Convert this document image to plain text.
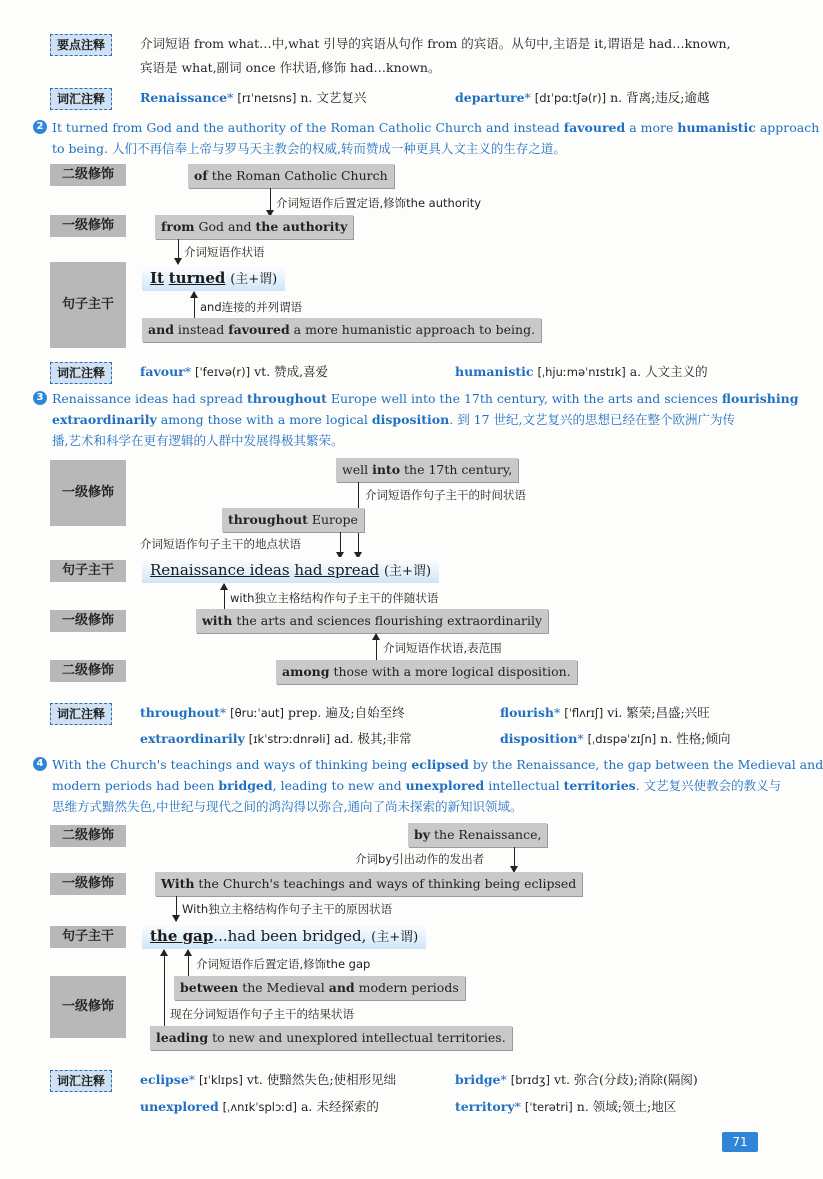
要点注释	介词短语 from what…中,what 引导的宾语从句作 from 的宾语。从句中,主语是 it,谓语是 had…known,
宾语是 what,副词 once 作状语,修饰 had…known。
词汇注释	Renaissance* [rɪˈneɪsns] n. 文艺复兴	departure* [dɪˈpɑːtʃə(r)] n. 背离;违反;逾越
2 It turned from God and the authority of the Roman Catholic Church and instead favoured a more humanistic approach
to being. 人们不再信奉上帝与罗马天主教会的权威,转而赞成一种更具人文主义的生存之道。
二级修饰	of the Roman Catholic Church
介词短语作后置定语,修饰the authority
一级修饰	from God and the authority
介词短语作状语
句子主干
It turned (主+谓)
and连接的并列谓语
and instead favoured a more humanistic approach to being.
词汇注释	favour* [ˈfeɪvə(r)] vt. 赞成,喜爱	humanistic [ˌhjuːməˈnɪstɪk] a. 人文主义的
3 Renaissance ideas had spread throughout Europe well into the 17th century, with the arts and sciences flourishing
extraordinarily among those with a more logical disposition. 到 17 世纪,文艺复兴的思想已经在整个欧洲广为传
播,艺术和科学在更有逻辑的人群中发展得极其繁荣。
一级修饰
well into the 17th century,
介词短语作句子主干的时间状语
throughout Europe
介词短语作句子主干的地点状语
句子主干	Renaissance ideas had spread (主+谓)
with独立主格结构作句子主干的伴随状语
一级修饰	with the arts and sciences flourishing extraordinarily
介词短语作状语,表范围
二级修饰	among those with a more logical disposition.
词汇注释	throughout* [θruːˈaut] prep. 遍及;自始至终	flourish* [ˈflʌrɪʃ] vi. 繁荣;昌盛;兴旺
extraordinarily [ɪkˈstrɔːdnrəli] ad. 极其;非常	disposition* [ˌdɪspəˈzɪʃn] n. 性格;倾向
4 With the Church's teachings and ways of thinking being eclipsed by the Renaissance, the gap between the Medieval and
modern periods had been bridged, leading to new and unexplored intellectual territories. 文艺复兴使教会的教义与
思维方式黯然失色,中世纪与现代之间的鸿沟得以弥合,通向了尚未探索的新知识领域。
二级修饰	by the Renaissance,
介词by引出动作的发出者
一级修饰	With the Church's teachings and ways of thinking being eclipsed
With独立主格结构作句子主干的原因状语
句子主干	the gap...had been bridged, (主+谓)
介词短语作后置定语,修饰the gap
一级修饰
between the Medieval and modern periods
现在分词短语作句子主干的结果状语
leading to new and unexplored intellectual territories.
词汇注释	eclipse* [ɪˈklɪps] vt. 使黯然失色;使相形见绌	bridge* [brɪdʒ] vt. 弥合(分歧);消除(隔阂)
unexplored [ˌʌnɪkˈsplɔːd] a. 未经探索的	territory* [ˈterətri] n. 领域;领土;地区
71
